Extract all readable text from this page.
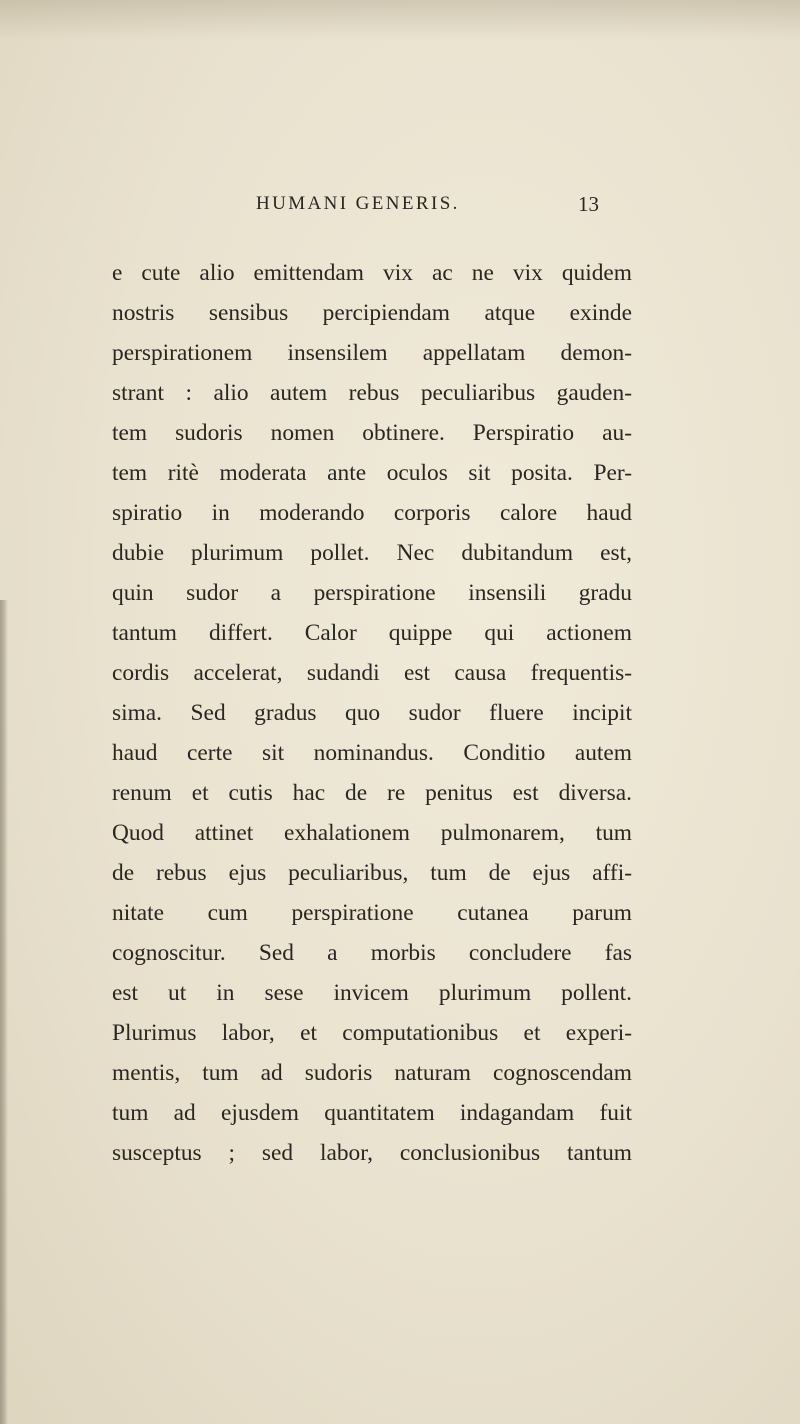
HUMANI GENERIS.	13
e cute alio emittendam vix ac ne vix quidem
nostris sensibus percipiendam atque exinde
perspirationem insensilem appellatam demon-
strant : alio autem rebus peculiaribus gauden-
tem sudoris nomen obtinere. Perspiratio au-
tem ritè moderata ante oculos sit posita. Per-
spiratio in moderando corporis calore haud
dubie plurimum pollet. Nec dubitandum est,
quin sudor a perspiratione insensili gradu
tantum differt. Calor quippe qui actionem
cordis accelerat, sudandi est causa frequentis-
sima. Sed gradus quo sudor fluere incipit
haud certe sit nominandus. Conditio autem
renum et cutis hac de re penitus est diversa.
Quod attinet exhalationem pulmonarem, tum
de rebus ejus peculiaribus, tum de ejus affi-
nitate cum perspiratione cutanea parum
cognoscitur. Sed a morbis concludere fas
est ut in sese invicem plurimum pollent.
Plurimus labor, et computationibus et experi-
mentis, tum ad sudoris naturam cognoscendam
tum ad ejusdem quantitatem indagandam fuit
susceptus ; sed labor, conclusionibus tantum
